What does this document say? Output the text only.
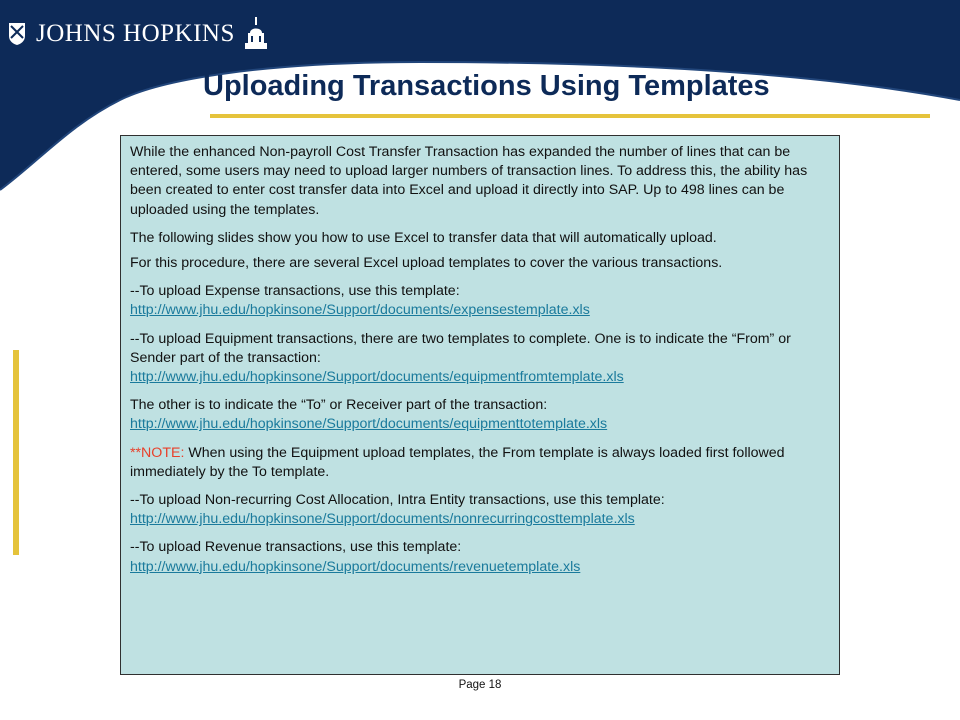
JOHNS HOPKINS
Uploading Transactions Using Templates

While the enhanced Non-payroll Cost Transfer Transaction has expanded the number of lines that can be entered, some users may need to upload larger numbers of transaction lines. To address this, the ability has been created to enter cost transfer data into Excel and upload it directly into SAP. Up to 498 lines can be uploaded using the templates.

The following slides show you how to use Excel to transfer data that will automatically upload.

For this procedure, there are several Excel upload templates to cover the various transactions.

--To upload Expense transactions, use this template:

http://www.jhu.edu/hopkinsone/Support/documents/expensestemplate.xls

--To upload Equipment transactions, there are two templates to complete. One is to indicate the “From” or Sender part of the transaction:

http://www.jhu.edu/hopkinsone/Support/documents/equipmentfromtemplate.xls

The other is to indicate the “To” or Receiver part of the transaction:

http://www.jhu.edu/hopkinsone/Support/documents/equipmenttotemplate.xls

**NOTE: When using the Equipment upload templates, the From template is always loaded first followed immediately by the To template.

--To upload Non-recurring Cost Allocation, Intra Entity transactions, use this template:

http://www.jhu.edu/hopkinsone/Support/documents/nonrecurringcosttemplate.xls

--To upload Revenue transactions, use this template:

http://www.jhu.edu/hopkinsone/Support/documents/revenuetemplate.xls
Page 18
